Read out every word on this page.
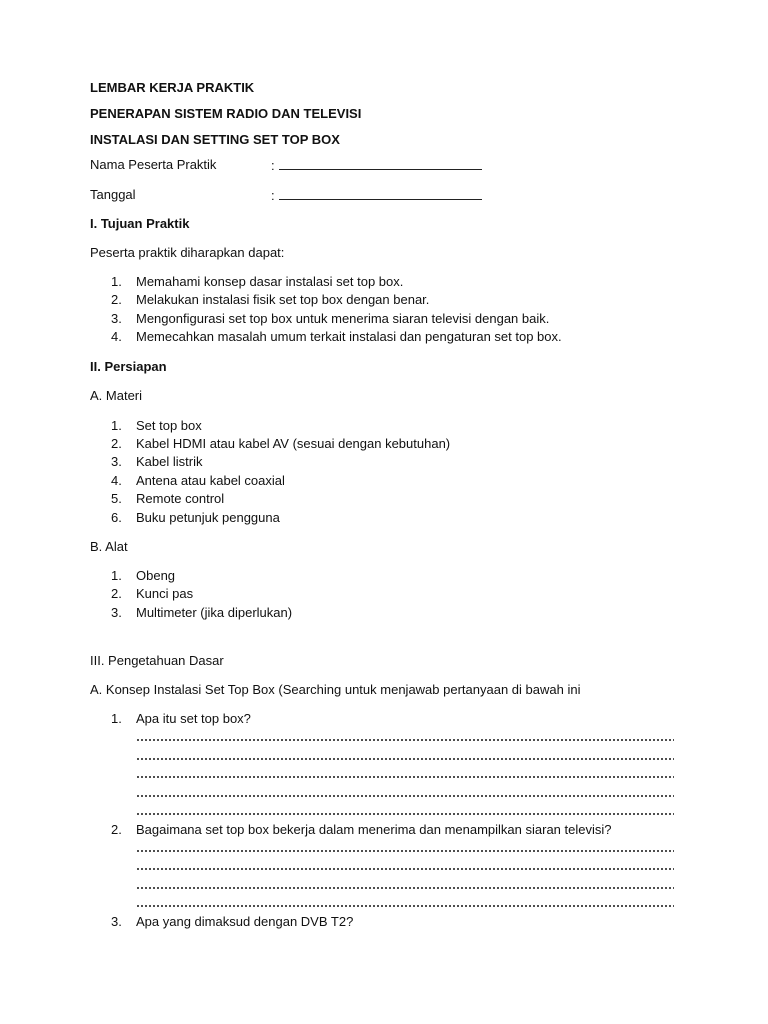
LEMBAR KERJA PRAKTIK
PENERAPAN SISTEM RADIO DAN TELEVISI
INSTALASI DAN SETTING SET TOP BOX
Nama Peserta Praktik	:
Tanggal	:
I. Tujuan Praktik
Peserta praktik diharapkan dapat:
1. Memahami konsep dasar instalasi set top box.
2. Melakukan instalasi fisik set top box dengan benar.
3. Mengonfigurasi set top box untuk menerima siaran televisi dengan baik.
4. Memecahkan masalah umum terkait instalasi dan pengaturan set top box.
II. Persiapan
A. Materi
1. Set top box
2. Kabel HDMI atau kabel AV (sesuai dengan kebutuhan)
3. Kabel listrik
4. Antena atau kabel coaxial
5. Remote control
6. Buku petunjuk pengguna
B. Alat
1. Obeng
2. Kunci pas
3. Multimeter (jika diperlukan)
III. Pengetahuan Dasar
A. Konsep Instalasi Set Top Box (Searching untuk menjawab pertanyaan di bawah ini
1. Apa itu set top box?
2. Bagaimana set top box bekerja dalam menerima dan menampilkan siaran televisi?
3. Apa yang dimaksud dengan DVB T2?
